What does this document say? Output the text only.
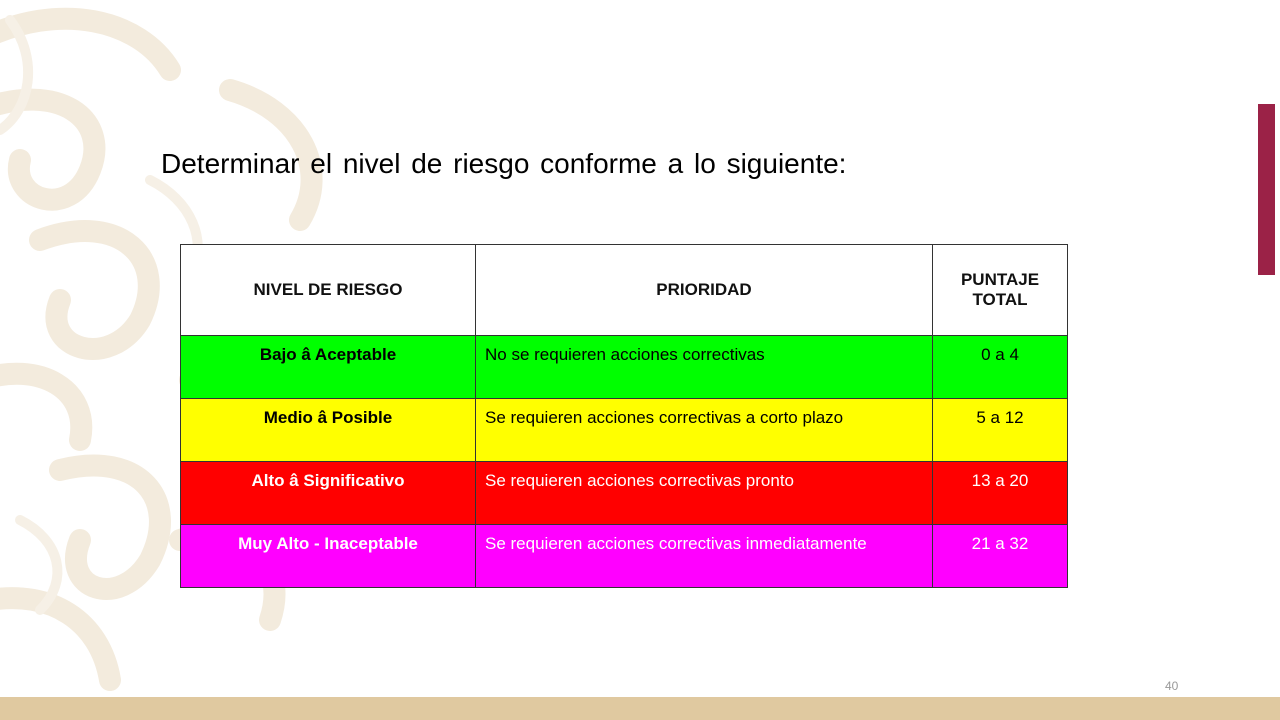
Determinar el nivel de riesgo conforme a lo siguiente:
NIVEL DE RIESGO	PRIORIDAD	PUNTAJE TOTAL
Bajo â Aceptable	No se requieren acciones correctivas	0 a 4
Medio â Posible	Se requieren acciones correctivas a corto plazo	5 a 12
Alto â Significativo	Se requieren acciones correctivas pronto	13 a 20
Muy Alto - Inaceptable	Se requieren acciones correctivas inmediatamente	21 a 32
40
